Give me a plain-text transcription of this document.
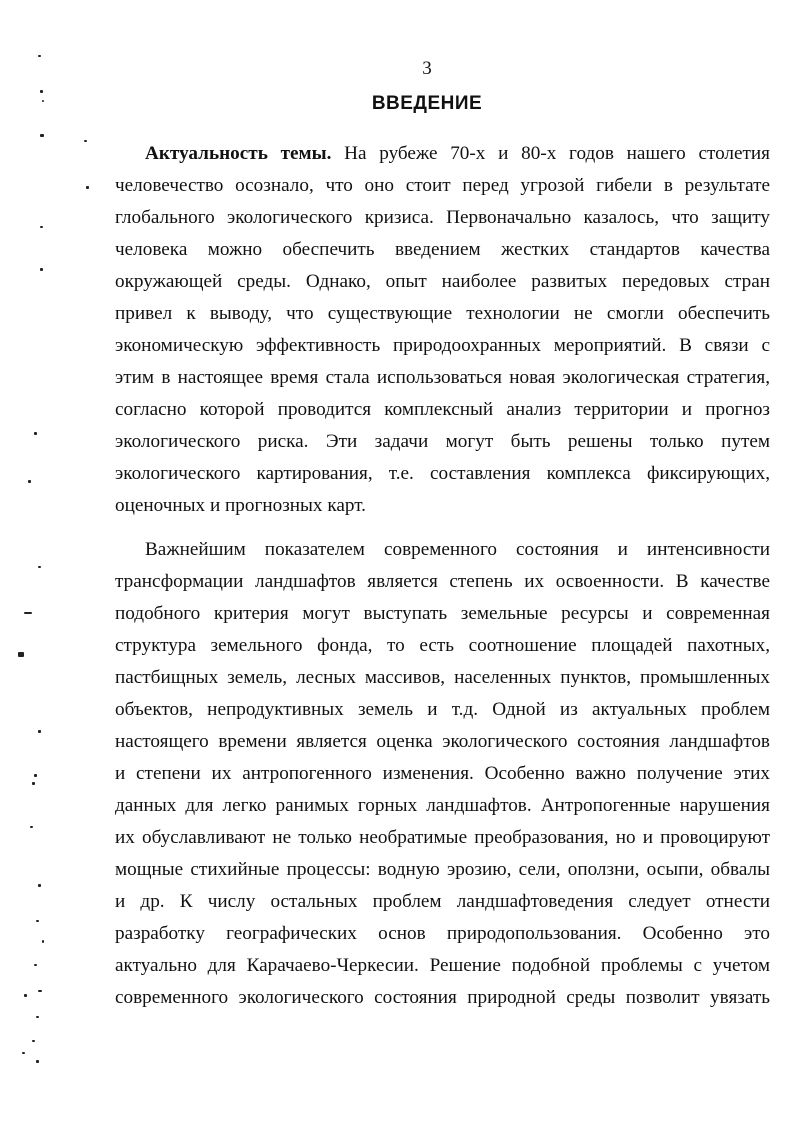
3
ВВЕДЕНИЕ
Актуальность темы. На рубеже 70-х и 80-х годов нашего столетия
человечество осознало, что оно стоит перед угрозой гибели в результате
глобального экологического кризиса. Первоначально казалось, что защиту
человека можно обеспечить введением жестких стандартов качества
окружающей среды. Однако, опыт наиболее развитых передовых стран
привел к выводу, что существующие технологии не смогли обеспечить
экономическую эффективность природоохранных мероприятий. В связи с
этим в настоящее время стала использоваться новая экологическая стратегия,
согласно которой проводится комплексный анализ территории и прогноз
экологического риска. Эти задачи могут быть решены только путем
экологического картирования, т.е. составления комплекса фиксирующих,
оценочных и прогнозных карт.
Важнейшим показателем современного состояния и интенсивности
трансформации ландшафтов является степень их освоенности. В качестве
подобного критерия могут выступать земельные ресурсы и современная
структура земельного фонда, то есть соотношение площадей пахотных,
пастбищных земель, лесных массивов, населенных пунктов, промышленных
объектов, непродуктивных земель и т.д. Одной из актуальных проблем
настоящего времени является оценка экологического состояния ландшафтов
и степени их антропогенного изменения. Особенно важно получение этих
данных для легко ранимых горных ландшафтов. Антропогенные нарушения
их обуславливают не только необратимые преобразования, но и провоцируют
мощные стихийные процессы: водную эрозию, сели, оползни, осыпи, обвалы
и др. К числу остальных проблем ландшафтоведения следует отнести
разработку географических основ природопользования. Особенно это
актуально для Карачаево-Черкесии. Решение подобной проблемы с учетом
современного экологического состояния природной среды позволит увязать
